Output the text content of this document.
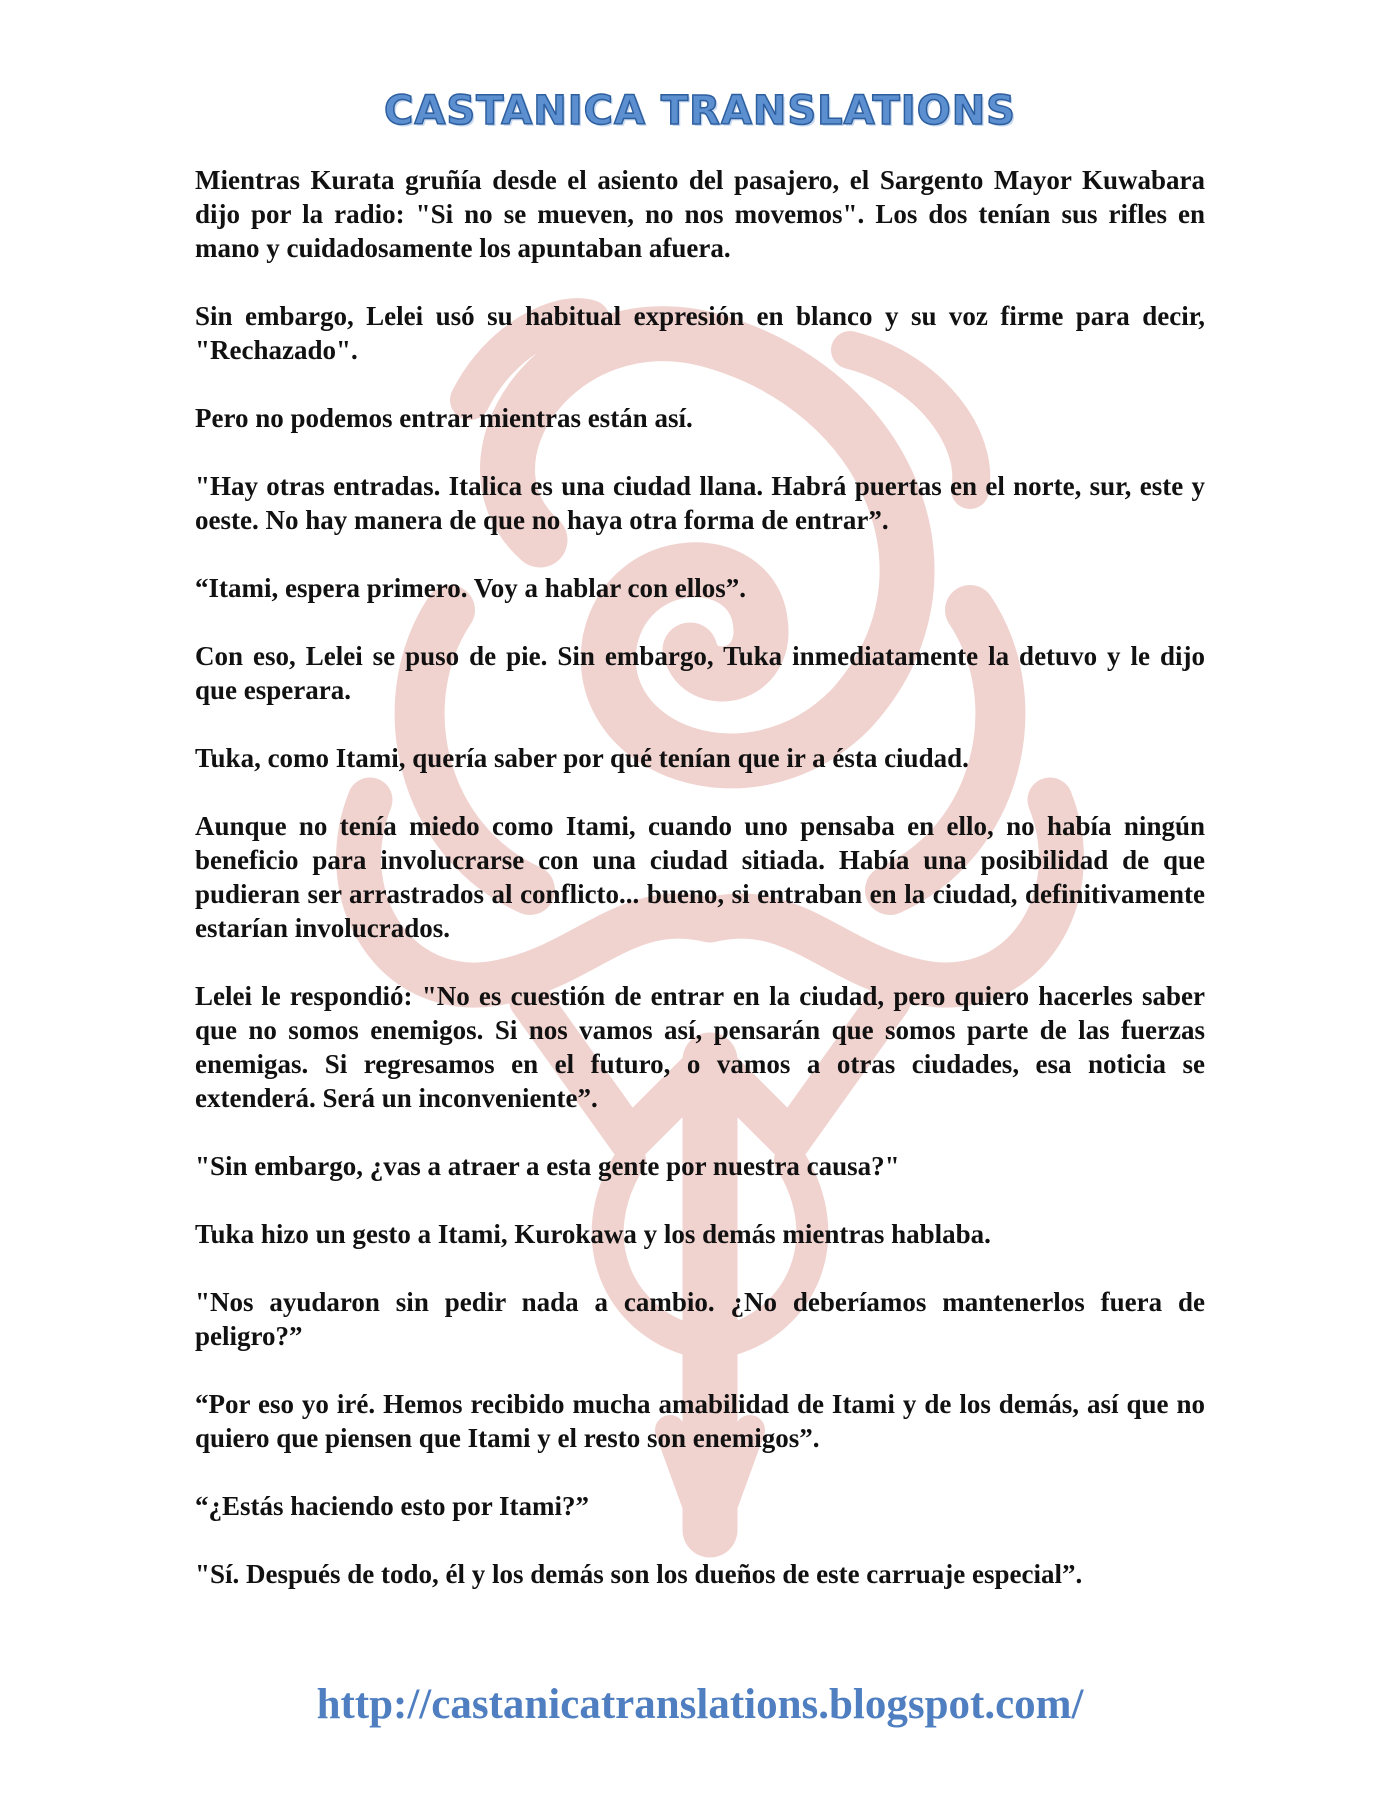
CASTANICA TRANSLATIONS

Mientras Kurata gruñía desde el asiento del pasajero, el Sargento Mayor Kuwabara dijo por la radio: "Si no se mueven, no nos movemos". Los dos tenían sus rifles en mano y cuidadosamente los apuntaban afuera.

Sin embargo, Lelei usó su habitual expresión en blanco y su voz firme para decir, "Rechazado".

Pero no podemos entrar mientras están así.

"Hay otras entradas. Italica es una ciudad llana. Habrá puertas en el norte, sur, este y oeste. No hay manera de que no haya otra forma de entrar”.

“Itami, espera primero. Voy a hablar con ellos”.

Con eso, Lelei se puso de pie. Sin embargo, Tuka inmediatamente la detuvo y le dijo que esperara.

Tuka, como Itami, quería saber por qué tenían que ir a ésta ciudad.

Aunque no tenía miedo como Itami, cuando uno pensaba en ello, no había ningún beneficio para involucrarse con una ciudad sitiada. Había una posibilidad de que pudieran ser arrastrados al conflicto... bueno, si entraban en la ciudad, definitivamente estarían involucrados.

Lelei le respondió: "No es cuestión de entrar en la ciudad, pero quiero hacerles saber que no somos enemigos. Si nos vamos así, pensarán que somos parte de las fuerzas enemigas. Si regresamos en el futuro, o vamos a otras ciudades, esa noticia se extenderá. Será un inconveniente”.

"Sin embargo, ¿vas a atraer a esta gente por nuestra causa?"

Tuka hizo un gesto a Itami, Kurokawa y los demás mientras hablaba.

"Nos ayudaron sin pedir nada a cambio. ¿No deberíamos mantenerlos fuera de peligro?”

“Por eso yo iré. Hemos recibido mucha amabilidad de Itami y de los demás, así que no quiero que piensen que Itami y el resto son enemigos”.

“¿Estás haciendo esto por Itami?”

"Sí. Después de todo, él y los demás son los dueños de este carruaje especial”.

http://castanicatranslations.blogspot.com/
